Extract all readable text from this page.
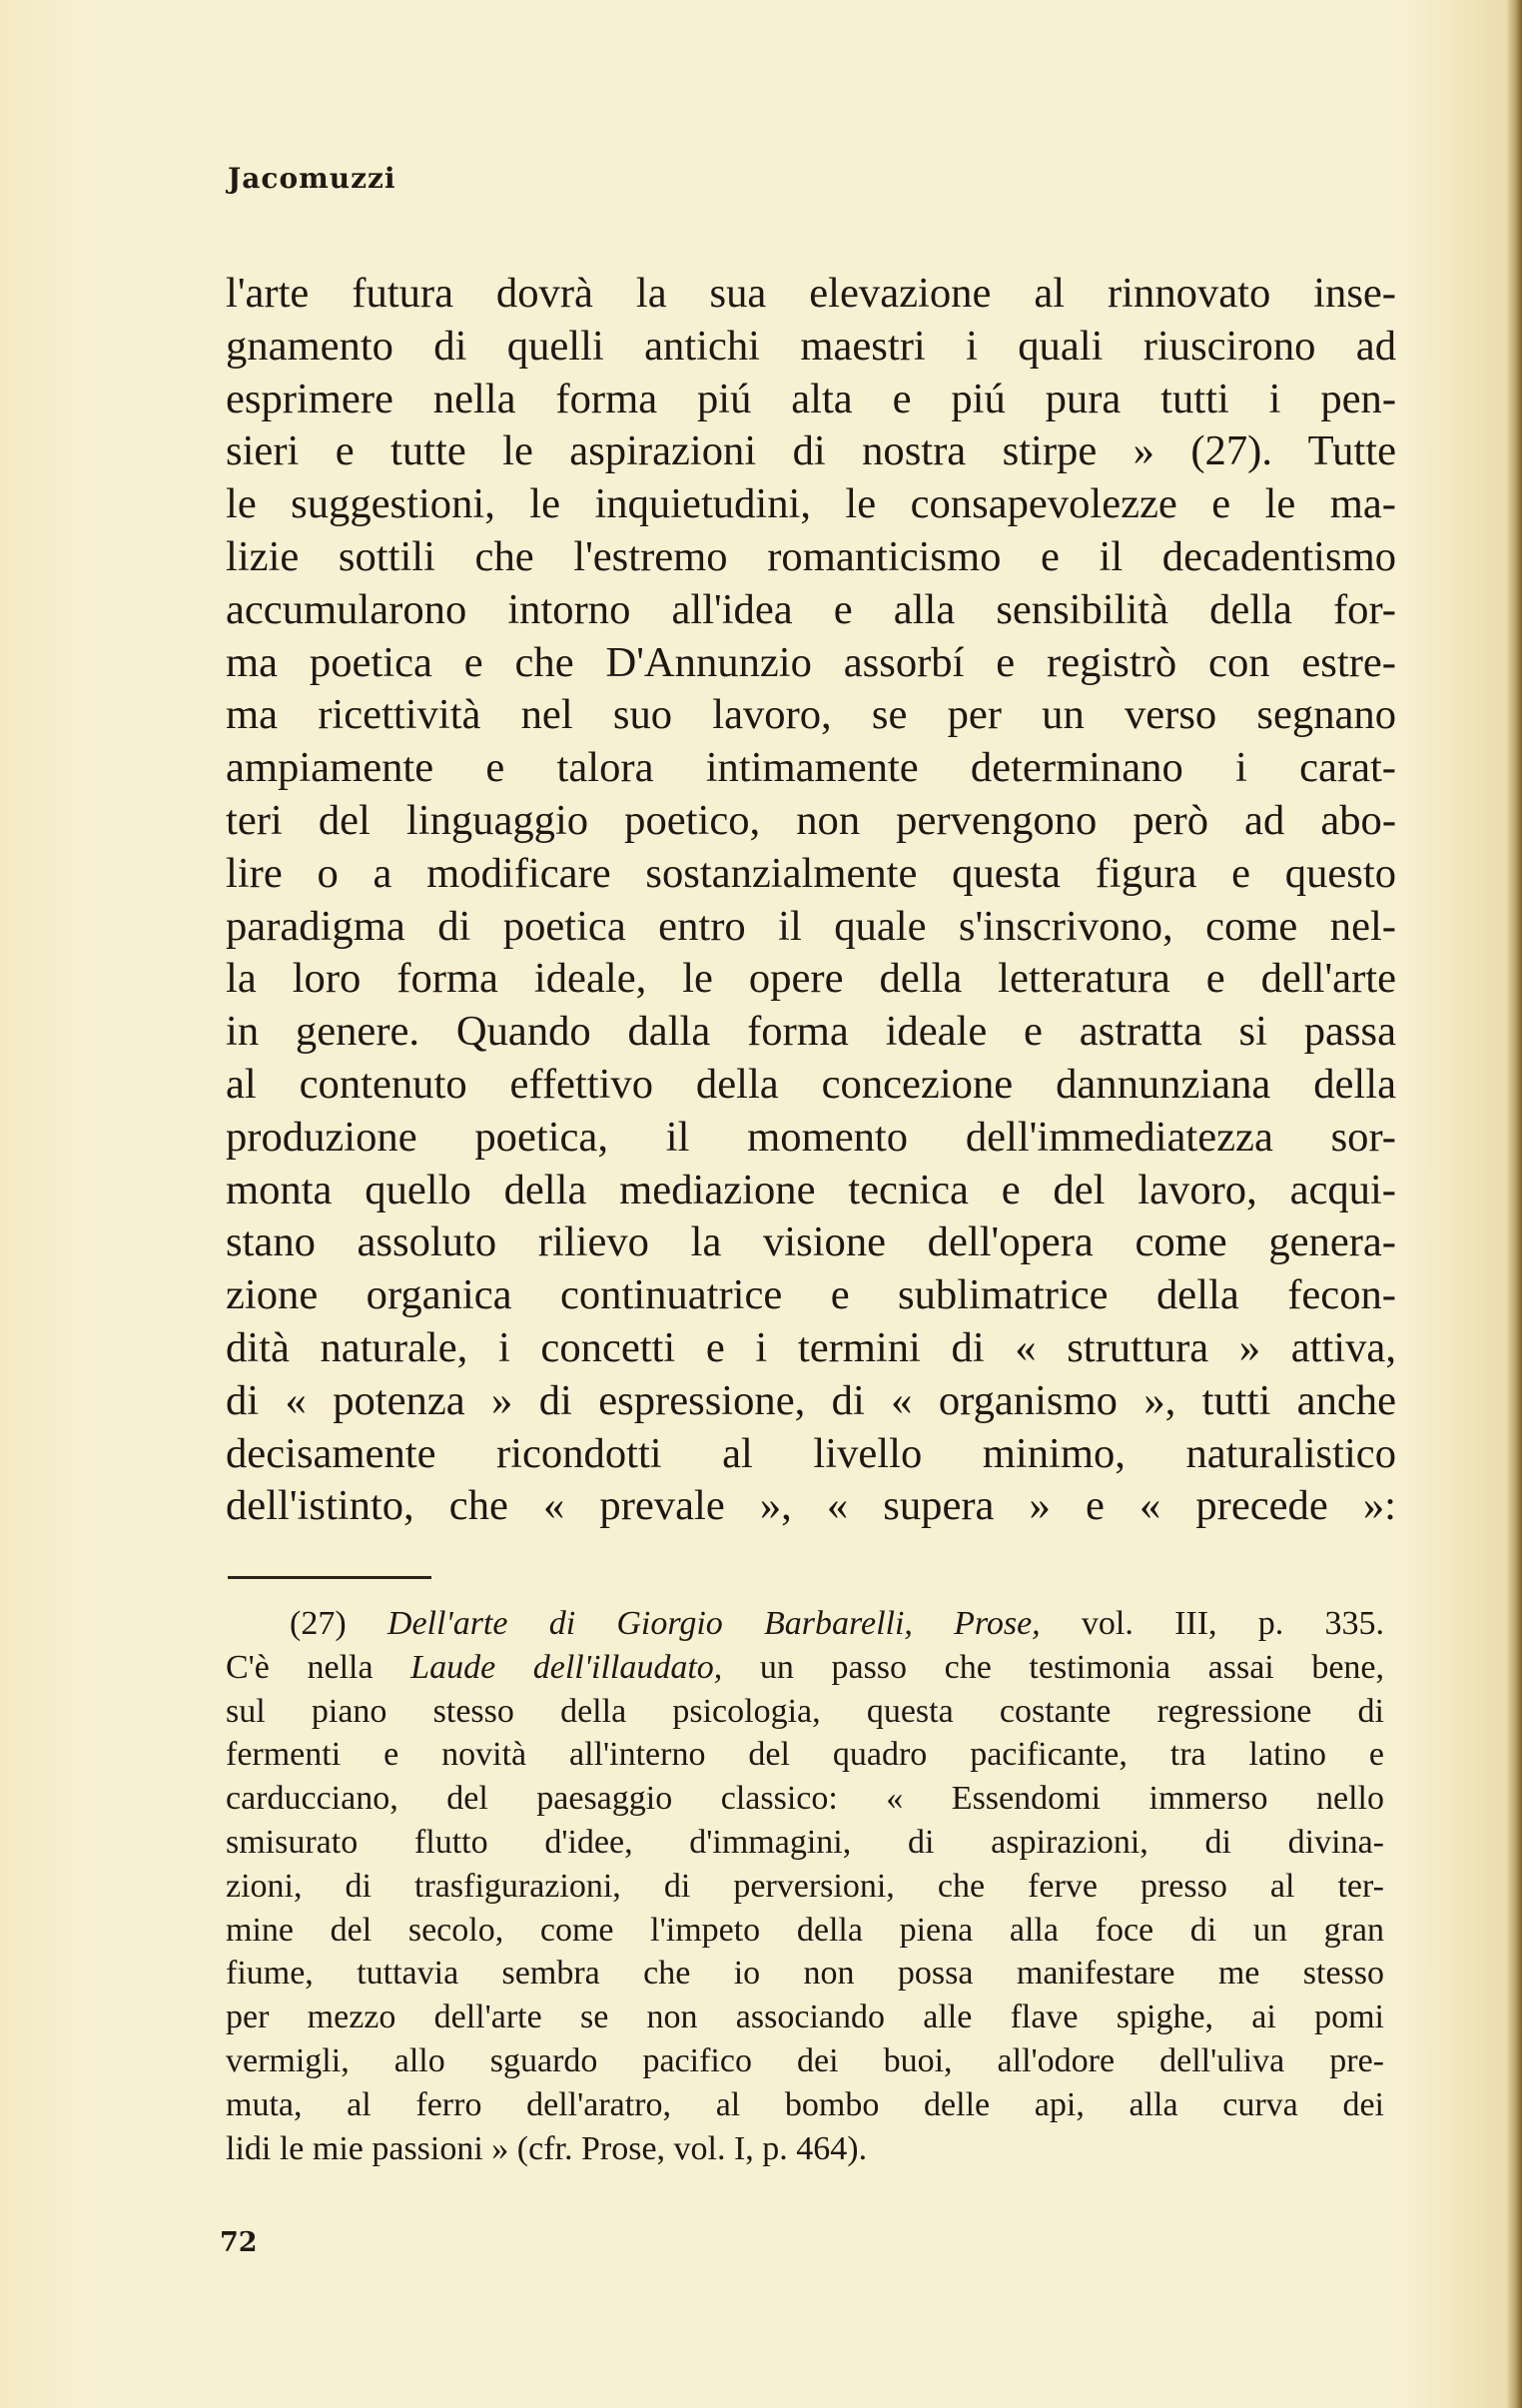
Jacomuzzi
l'arte futura dovrà la sua elevazione al rinnovato inse-
gnamento di quelli antichi maestri i quali riuscirono ad
esprimere nella forma piú alta e piú pura tutti i pen-
sieri e tutte le aspirazioni di nostra stirpe » (27). Tutte
le suggestioni, le inquietudini, le consapevolezze e le ma-
lizie sottili che l'estremo romanticismo e il decadentismo
accumularono intorno all'idea e alla sensibilità della for-
ma poetica e che D'Annunzio assorbí e registrò con estre-
ma ricettività nel suo lavoro, se per un verso segnano
ampiamente e talora intimamente determinano i carat-
teri del linguaggio poetico, non pervengono però ad abo-
lire o a modificare sostanzialmente questa figura e questo
paradigma di poetica entro il quale s'inscrivono, come nel-
la loro forma ideale, le opere della letteratura e dell'arte
in genere. Quando dalla forma ideale e astratta si passa
al contenuto effettivo della concezione dannunziana della
produzione poetica, il momento dell'immediatezza sor-
monta quello della mediazione tecnica e del lavoro, acqui-
stano assoluto rilievo la visione dell'opera come genera-
zione organica continuatrice e sublimatrice della fecon-
dità naturale, i concetti e i termini di « struttura » attiva,
di « potenza » di espressione, di « organismo », tutti anche
decisamente ricondotti al livello minimo, naturalistico
dell'istinto, che « prevale », « supera » e « precede »:
(27) Dell'arte di Giorgio Barbarelli, Prose, vol. III, p. 335.
C'è nella Laude dell'illaudato, un passo che testimonia assai bene,
sul piano stesso della psicologia, questa costante regressione di
fermenti e novità all'interno del quadro pacificante, tra latino e
carducciano, del paesaggio classico: « Essendomi immerso nello
smisurato flutto d'idee, d'immagini, di aspirazioni, di divina-
zioni, di trasfigurazioni, di perversioni, che ferve presso al ter-
mine del secolo, come l'impeto della piena alla foce di un gran
fiume, tuttavia sembra che io non possa manifestare me stesso
per mezzo dell'arte se non associando alle flave spighe, ai pomi
vermigli, allo sguardo pacifico dei buoi, all'odore dell'uliva pre-
muta, al ferro dell'aratro, al bombo delle api, alla curva dei
lidi le mie passioni » (cfr. Prose, vol. I, p. 464).
72
